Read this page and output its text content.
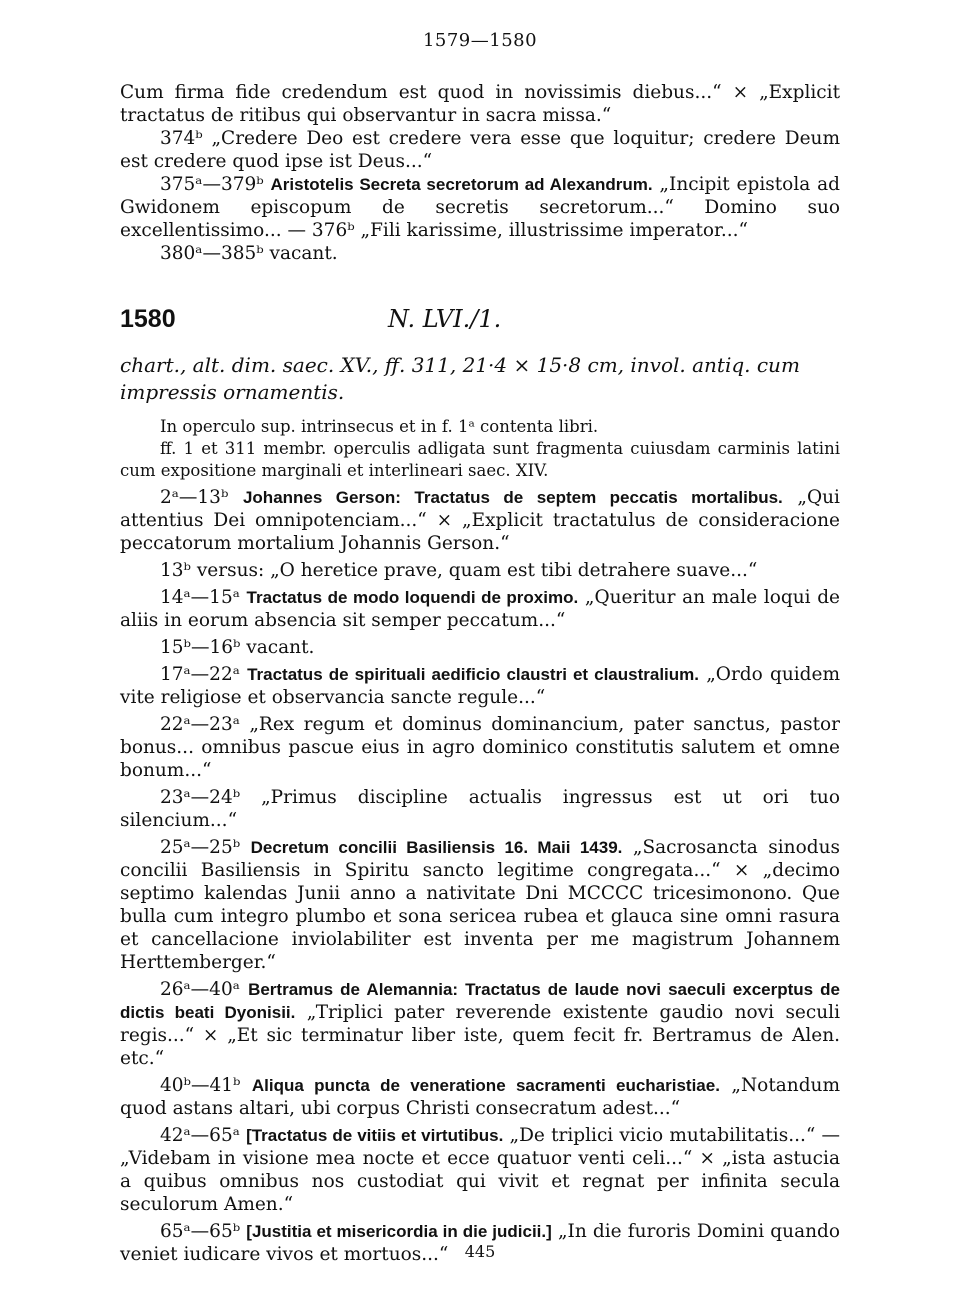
1579—1580

Cum firma fide credendum est quod in novissimis diebus...“ × „Explicit tractatus de ritibus qui observantur in sacra missa.“

374ᵇ „Credere Deo est credere vera esse que loquitur; credere Deum est credere quod ipse ist Deus...“

375ᵃ—379ᵇ Aristotelis Secreta secretorum ad Alexandrum. „Incipit epistola ad Gwidonem episcopum de secretis secretorum...“ Domino suo excellentissimo... — 376ᵇ „Fili karissime, illustrissime imperator...“

380ᵃ—385ᵇ vacant.

1580	N. LVI./1.

chart., alt. dim. saec. XV., ff. 311, 21·4 × 15·8 cm, invol. antiq. cum impressis ornamentis.

In operculo sup. intrinsecus et in f. 1ᵃ contenta libri.

ff. 1 et 311 membr. operculis adligata sunt fragmenta cuiusdam carminis latini cum expositione marginali et interlineari saec. XIV.

2ᵃ—13ᵇ Johannes Gerson: Tractatus de septem peccatis mortalibus. „Qui attentius Dei omnipotenciam...“ × „Explicit tractatulus de consideracione peccatorum mortalium Johannis Gerson.“

13ᵇ versus: „O heretice prave, quam est tibi detrahere suave...“

14ᵃ—15ᵃ Tractatus de modo loquendi de proximo. „Queritur an male loqui de aliis in eorum absencia sit semper peccatum...“

15ᵇ—16ᵇ vacant.

17ᵃ—22ᵃ Tractatus de spirituali aedificio claustri et claustralium. „Ordo quidem vite religiose et observancia sancte regule...“

22ᵃ—23ᵃ „Rex regum et dominus dominancium, pater sanctus, pastor bonus... omnibus pascue eius in agro dominico constitutis salutem et omne bonum...“

23ᵃ—24ᵇ „Primus discipline actualis ingressus est ut ori tuo silencium...“

25ᵃ—25ᵇ Decretum concilii Basiliensis 16. Maii 1439. „Sacrosancta sinodus concilii Basiliensis in Spiritu sancto legitime congregata...“ × „decimo septimo kalendas Junii anno a nativitate Dni MCCCC tricesimonono. Que bulla cum integro plumbo et sona sericea rubea et glauca sine omni rasura et cancellacione inviolabiliter est inventa per me magistrum Johannem Herttemberger.“

26ᵃ—40ᵃ Bertramus de Alemannia: Tractatus de laude novi saeculi excerptus de dictis beati Dyonisii. „Triplici pater reverende existente gaudio novi seculi regis...“ × „Et sic terminatur liber iste, quem fecit fr. Bertramus de Alen. etc.“

40ᵇ—41ᵇ Aliqua puncta de veneratione sacramenti eucharistiae. „Notandum quod astans altari, ubi corpus Christi consecratum adest...“

42ᵃ—65ᵃ [Tractatus de vitiis et virtutibus. „De triplici vicio mutabilitatis...“ — „Videbam in visione mea nocte et ecce quatuor venti celi...“ × „ista astucia a quibus omnibus nos custodiat qui vivit et regnat per infinita secula seculorum Amen.“

65ᵃ—65ᵇ [Justitia et misericordia in die judicii.] „In die furoris Domini quando veniet iudicare vivos et mortuos...“	445
